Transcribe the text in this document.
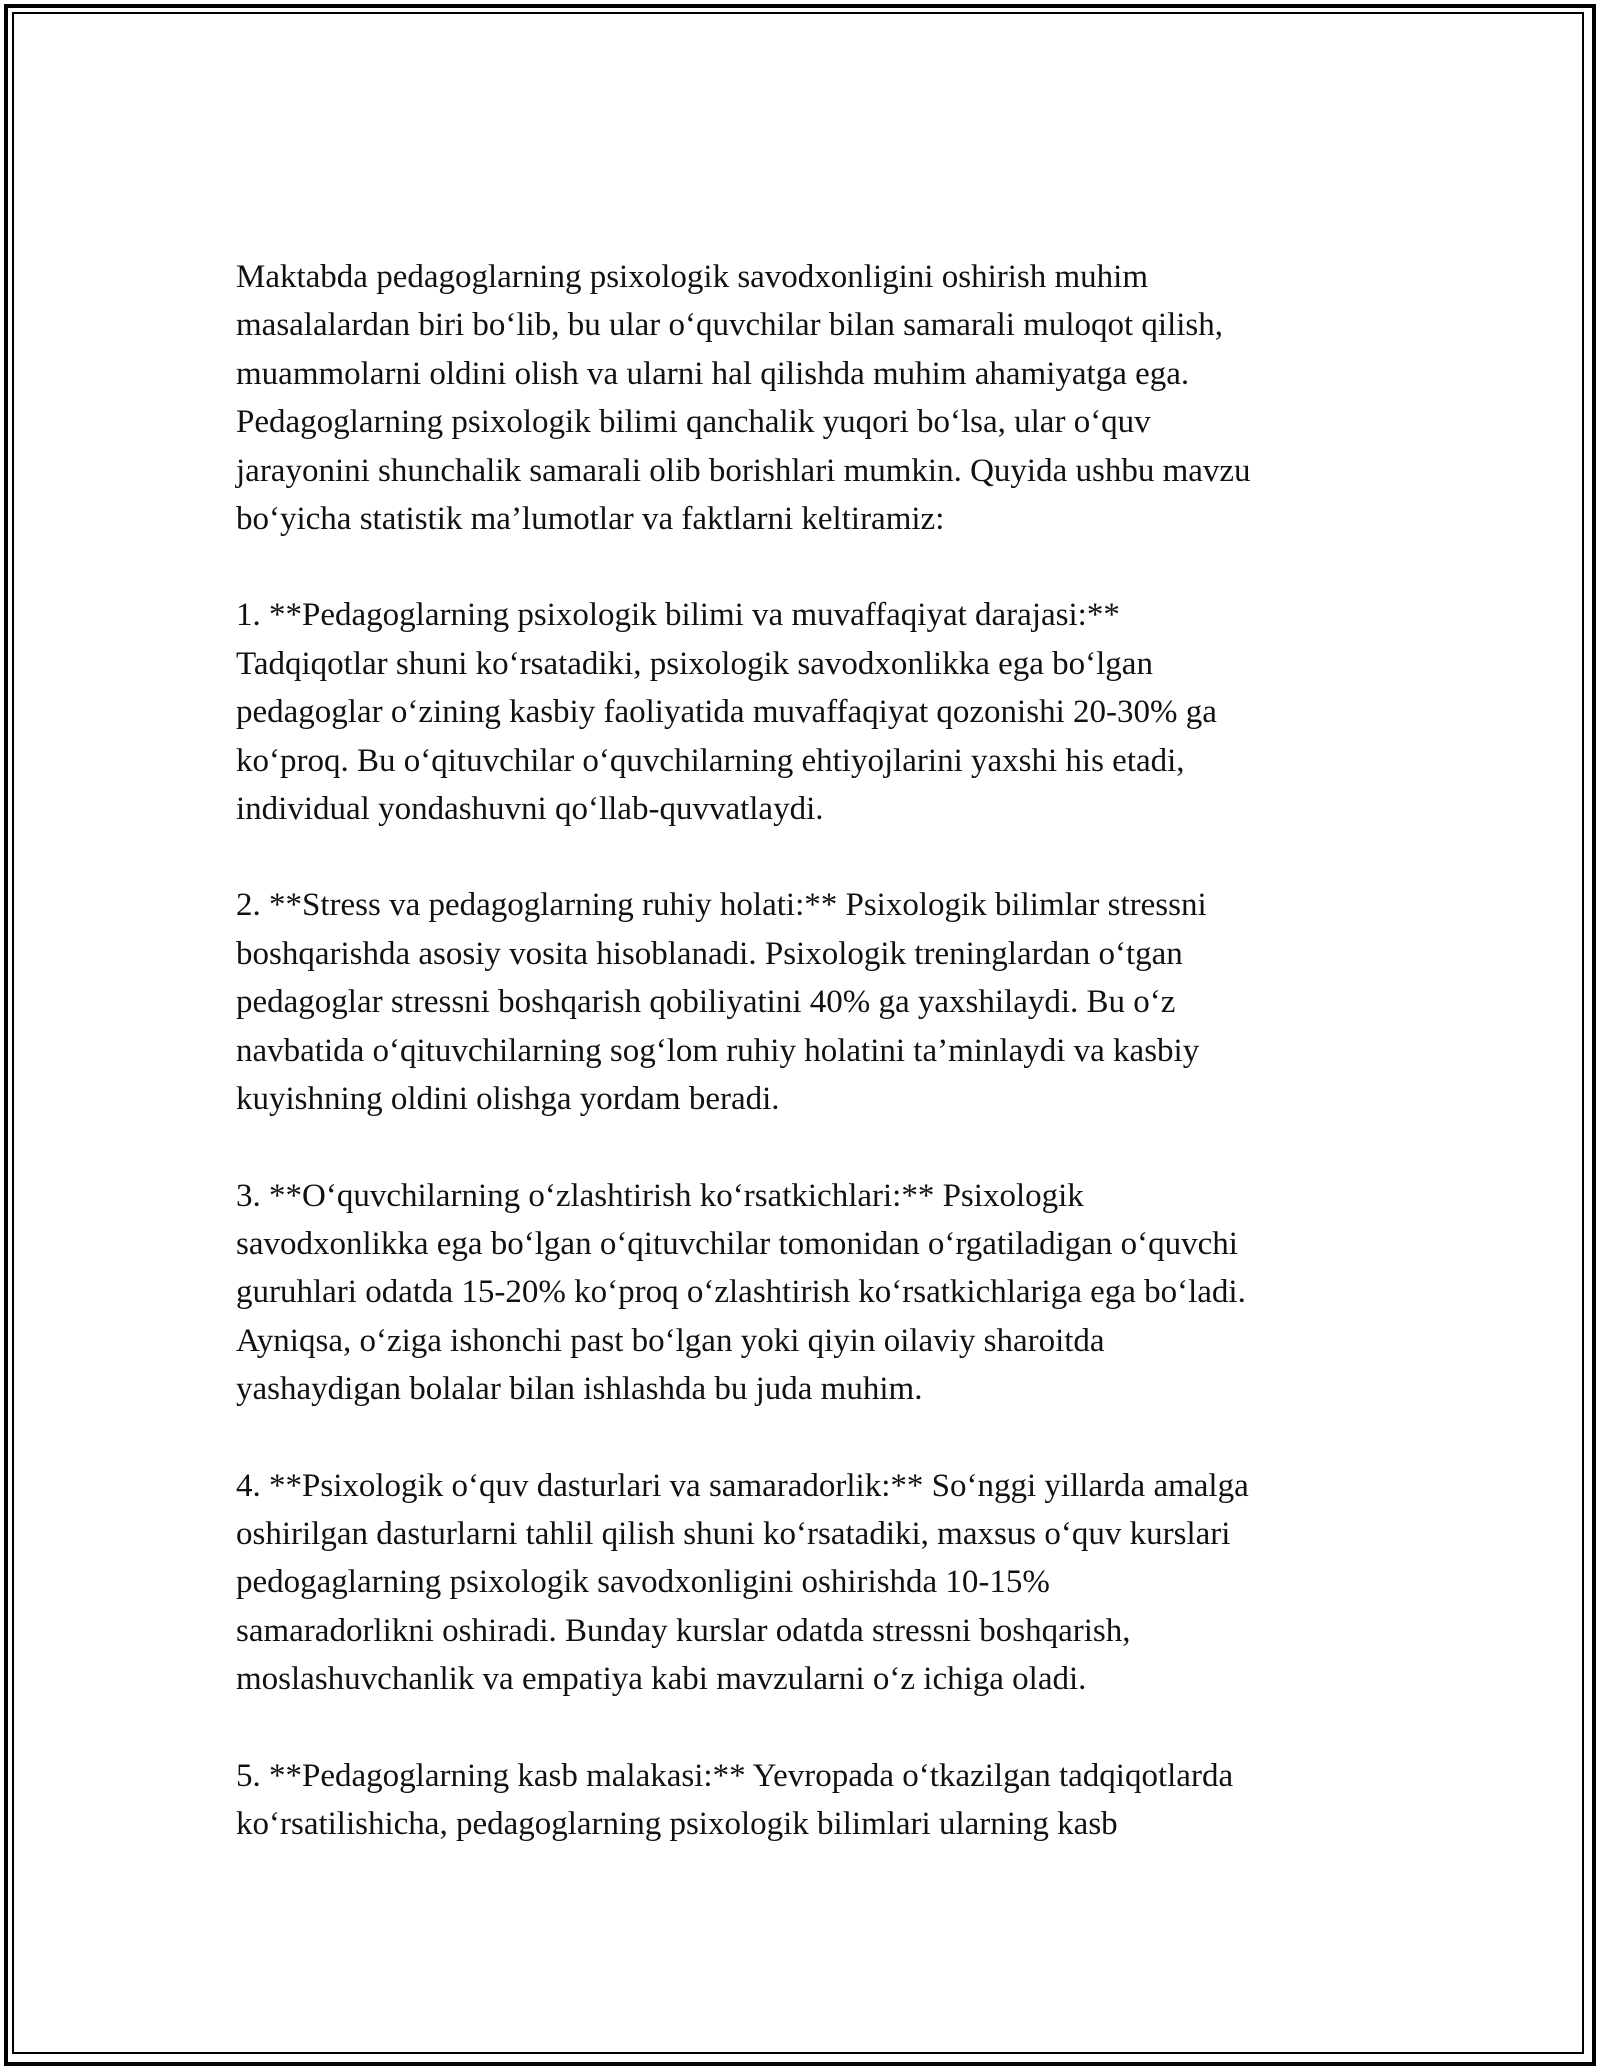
Maktabda pedagoglarning psixologik savodxonligini oshirish muhim
masalalardan biri bo‘lib, bu ular o‘quvchilar bilan samarali muloqot qilish,
muammolarni oldini olish va ularni hal qilishda muhim ahamiyatga ega.
Pedagoglarning psixologik bilimi qanchalik yuqori bo‘lsa, ular o‘quv
jarayonini shunchalik samarali olib borishlari mumkin. Quyida ushbu mavzu
bo‘yicha statistik ma’lumotlar va faktlarni keltiramiz:

1. **Pedagoglarning psixologik bilimi va muvaffaqiyat darajasi:**
Tadqiqotlar shuni ko‘rsatadiki, psixologik savodxonlikka ega bo‘lgan
pedagoglar o‘zining kasbiy faoliyatida muvaffaqiyat qozonishi 20-30% ga
ko‘proq. Bu o‘qituvchilar o‘quvchilarning ehtiyojlarini yaxshi his etadi,
individual yondashuvni qo‘llab-quvvatlaydi.

2. **Stress va pedagoglarning ruhiy holati:** Psixologik bilimlar stressni
boshqarishda asosiy vosita hisoblanadi. Psixologik treninglardan o‘tgan
pedagoglar stressni boshqarish qobiliyatini 40% ga yaxshilaydi. Bu o‘z
navbatida o‘qituvchilarning sog‘lom ruhiy holatini ta’minlaydi va kasbiy
kuyishning oldini olishga yordam beradi.

3. **O‘quvchilarning o‘zlashtirish ko‘rsatkichlari:** Psixologik
savodxonlikka ega bo‘lgan o‘qituvchilar tomonidan o‘rgatiladigan o‘quvchi
guruhlari odatda 15-20% ko‘proq o‘zlashtirish ko‘rsatkichlariga ega bo‘ladi.
Ayniqsa, o‘ziga ishonchi past bo‘lgan yoki qiyin oilaviy sharoitda
yashaydigan bolalar bilan ishlashda bu juda muhim.

4. **Psixologik o‘quv dasturlari va samaradorlik:** So‘nggi yillarda amalga
oshirilgan dasturlarni tahlil qilish shuni ko‘rsatadiki, maxsus o‘quv kurslari
pedogaglarning psixologik savodxonligini oshirishda 10-15%
samaradorlikni oshiradi. Bunday kurslar odatda stressni boshqarish,
moslashuvchanlik va empatiya kabi mavzularni o‘z ichiga oladi.

5. **Pedagoglarning kasb malakasi:** Yevropada o‘tkazilgan tadqiqotlarda
ko‘rsatilishicha, pedagoglarning psixologik bilimlari ularning kasb
